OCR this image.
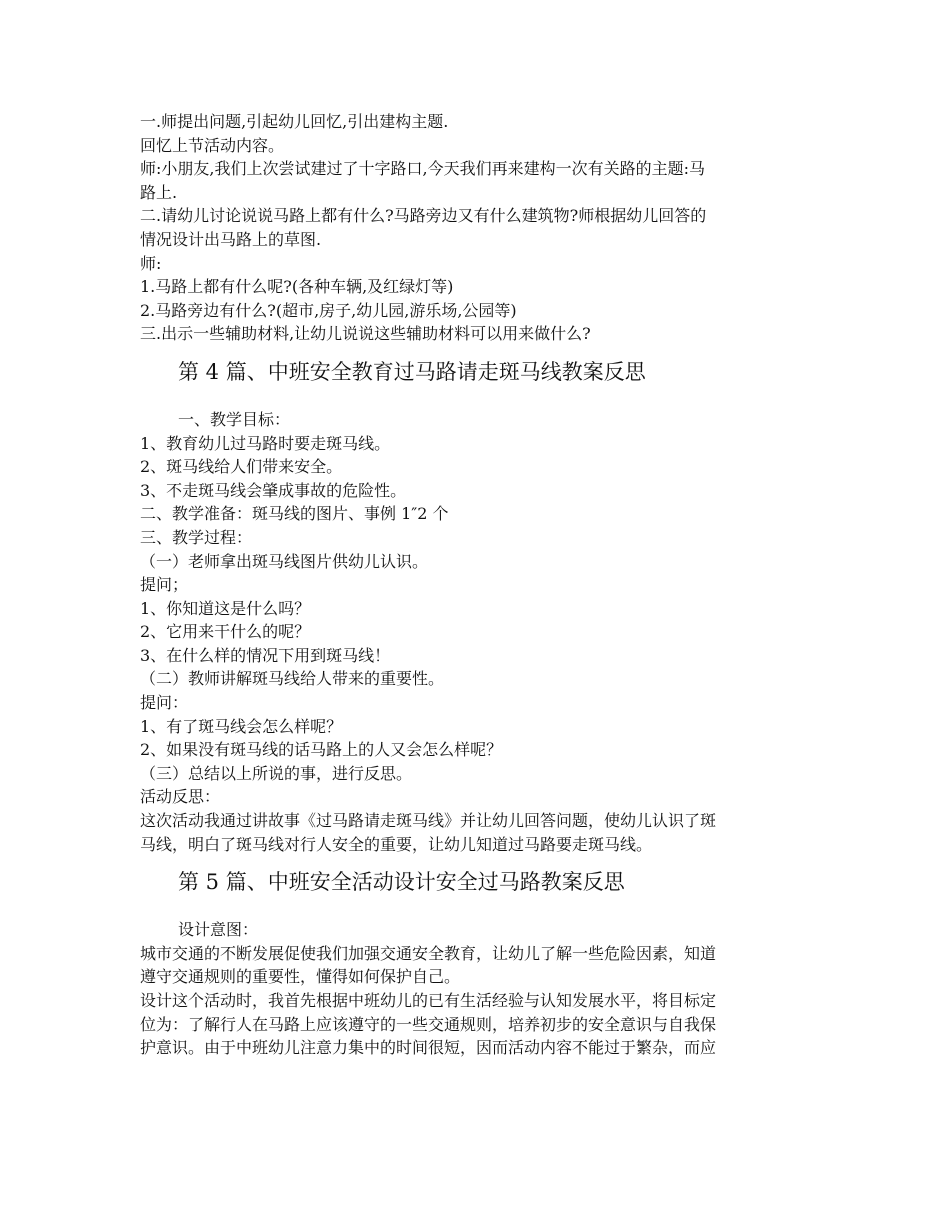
一.师提出问题,引起幼儿回忆,引出建构主题.
回忆上节活动内容。
师:小朋友,我们上次尝试建过了十字路口,今天我们再来建构一次有关路的主题:马
路上.
二.请幼儿讨论说说马路上都有什么?马路旁边又有什么建筑物?师根据幼儿回答的
情况设计出马路上的草图.
师:
1.马路上都有什么呢?(各种车辆,及红绿灯等)
2.马路旁边有什么?(超市,房子,幼儿园,游乐场,公园等)
三.出示一些辅助材料,让幼儿说说这些辅助材料可以用来做什么?
第 4 篇、中班安全教育过马路请走斑马线教案反思
一、教学目标：
1、教育幼儿过马路时要走斑马线。
2、斑马线给人们带来安全。
3、不走斑马线会肇成事故的危险性。
二、教学准备：斑马线的图片、事例 1″2 个
三、教学过程：
（一）老师拿出斑马线图片供幼儿认识。
提问；
1、你知道这是什么吗？
2、它用来干什么的呢？
3、在什么样的情况下用到斑马线！
（二）教师讲解斑马线给人带来的重要性。
提问：
1、有了斑马线会怎么样呢？
2、如果没有斑马线的话马路上的人又会怎么样呢？
（三）总结以上所说的事，进行反思。
活动反思：
这次活动我通过讲故事《过马路请走斑马线》并让幼儿回答问题，使幼儿认识了斑
马线，明白了斑马线对行人安全的重要，让幼儿知道过马路要走斑马线。
第 5 篇、中班安全活动设计安全过马路教案反思
设计意图：
城市交通的不断发展促使我们加强交通安全教育，让幼儿了解一些危险因素，知道
遵守交通规则的重要性，懂得如何保护自己。
设计这个活动时，我首先根据中班幼儿的已有生活经验与认知发展水平，将目标定
位为：了解行人在马路上应该遵守的一些交通规则，培养初步的安全意识与自我保
护意识。由于中班幼儿注意力集中的时间很短，因而活动内容不能过于繁杂，而应
